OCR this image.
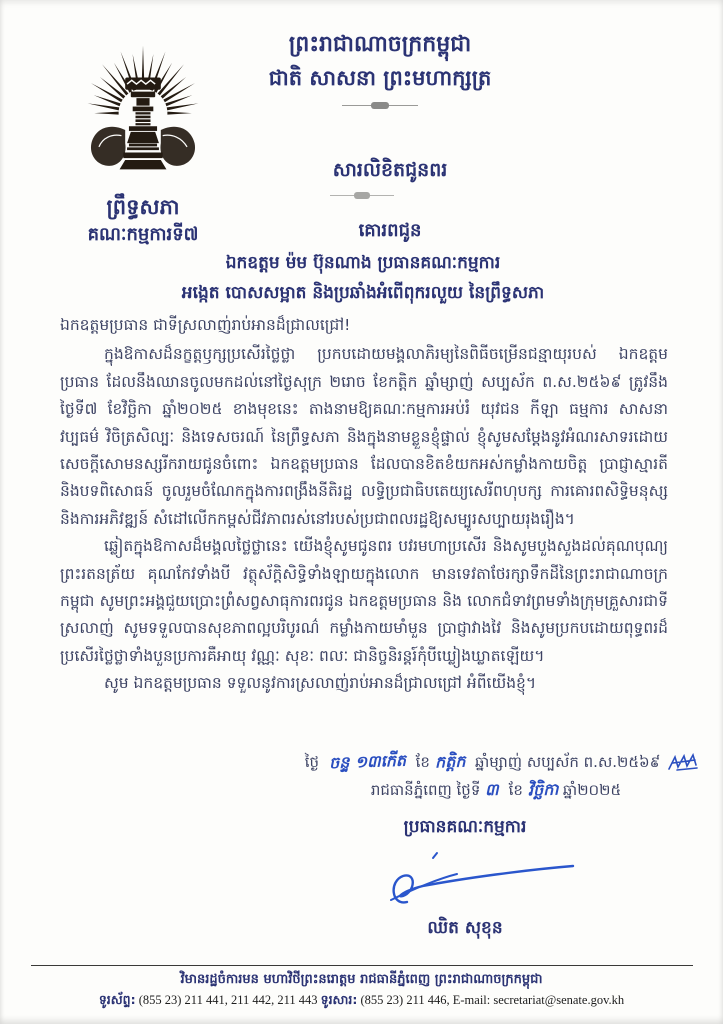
ព្រះរាជាណាចក្រកម្ពុជា
ជាតិ សាសនា ព្រះមហាក្សត្រ
ព្រឹទ្ធសភា
គណៈកម្មការទី៧
សារលិខិតជូនពរ
គោរពជូន
ឯកឧត្តម ម៉ម ប៊ុនណាង ប្រធានគណៈកម្មការ
អង្កេត បោសសម្អាត និងប្រឆាំងអំពើពុករលួយ នៃព្រឹទ្ធសភា

ឯកឧត្តមប្រធាន ជាទីស្រលាញ់រាប់អានដ៏ជ្រាលជ្រៅ!

ក្នុងឱកាសដ៏នក្ខត្តឫក្សប្រសើរថ្លៃថ្លា ប្រកបដោយមង្គលាភិរម្យនៃពិធីចម្រើនជន្មាយុរបស់ ឯកឧត្តមប្រធាន ដែលនឹងឈានចូលមកដល់នៅថ្ងៃសុក្រ ២រោច ខែកត្តិក ឆ្នាំម្សាញ់ សប្បស័ក ព.ស.២៥៦៩ ត្រូវនឹងថ្ងៃទី៧ ខែវិច្ឆិកា ឆ្នាំ២០២៥ ខាងមុខនេះ តាងនាមឱ្យគណៈកម្មការអប់រំ យុវជន កីឡា ធម្មការ សាសនា វប្បធម៌ វិចិត្រសិល្បៈ និងទេសចរណ៍ នៃព្រឹទ្ធសភា និងក្នុងនាមខ្លួនខ្ញុំផ្ទាល់ ខ្ញុំសូមសម្តែងនូវអំណរសាទរដោយសេចក្តីសោមនស្សរីករាយជូនចំពោះ ឯកឧត្តមប្រធាន ដែលបានខិតខំយកអស់កម្លាំងកាយចិត្ត ប្រាជ្ញាស្មារតី និងបទពិសោធន៍ ចូលរួមចំណែកក្នុងការពង្រឹងនីតិរដ្ឋ លទ្ធិប្រជាធិបតេយ្យសេរីពហុបក្ស ការគោរពសិទ្ធិមនុស្ស និងការអភិវឌ្ឍន៍ សំដៅលើកកម្ពស់ជីវភាពរស់នៅរបស់ប្រជាពលរដ្ឋឱ្យសម្បូរសប្បាយរុងរឿង។

ឆ្លៀតក្នុងឱកាសដ៏មង្គលថ្លៃថ្លានេះ យើងខ្ញុំសូមជូនពរ បវរមហាប្រសើរ និងសូមបួងសួងដល់គុណបុណ្យព្រះរតនត្រ័យ គុណកែវទាំងបី វត្ថុស័ក្តិសិទ្ធិទាំងឡាយក្នុងលោក មានទេវតាថែរក្សាទឹកដីនៃព្រះរាជាណាចក្រកម្ពុជា សូមព្រះអង្គជួយប្រោះព្រំសព្វសាធុការពរជូន ឯកឧត្តមប្រធាន និង លោកជំទាវព្រមទាំងក្រុមគ្រួសារជាទីស្រលាញ់ សូមទទួលបានសុខភាពល្អបរិបូរណ៌ កម្លាំងកាយមាំមួន ប្រាជ្ញាវាងវៃ និងសូមប្រកបដោយពុទ្ធពរដ៏ប្រសើរថ្លៃថ្លាទាំងបួនប្រការគឺអាយុ វណ្ណៈ សុខៈ ពលៈ ជានិច្ចនិរន្តរ៍កុំបីឃ្លៀងឃ្លាតឡើយ។

សូម ឯកឧត្តមប្រធាន ទទួលនូវការស្រលាញ់រាប់អានដ៏ជ្រាលជ្រៅ អំពីយើងខ្ញុំ។

ថ្ងៃ ចន្ទ ១៣កើត ខែ កត្ដិក ឆ្នាំម្សាញ់ សប្បស័ក ព.ស.២៥៦៩
រាជធានីភ្នំពេញ ថ្ងៃទី ៣ ខែ វិច្ឆិកា ឆ្នាំ២០២៥
ប្រធានគណៈកម្មការ
ឈិត សុខុន
វិមានរដ្ឋចំការមន មហាវិថីព្រះនរោត្តម រាជធានីភ្នំពេញ ព្រះរាជាណាចក្រកម្ពុជា
ទូរស័ព្ទ: (855 23) 211 441, 211 442, 211 443 ទូរសារ: (855 23) 211 446, E-mail: secretariat@senate.gov.kh
